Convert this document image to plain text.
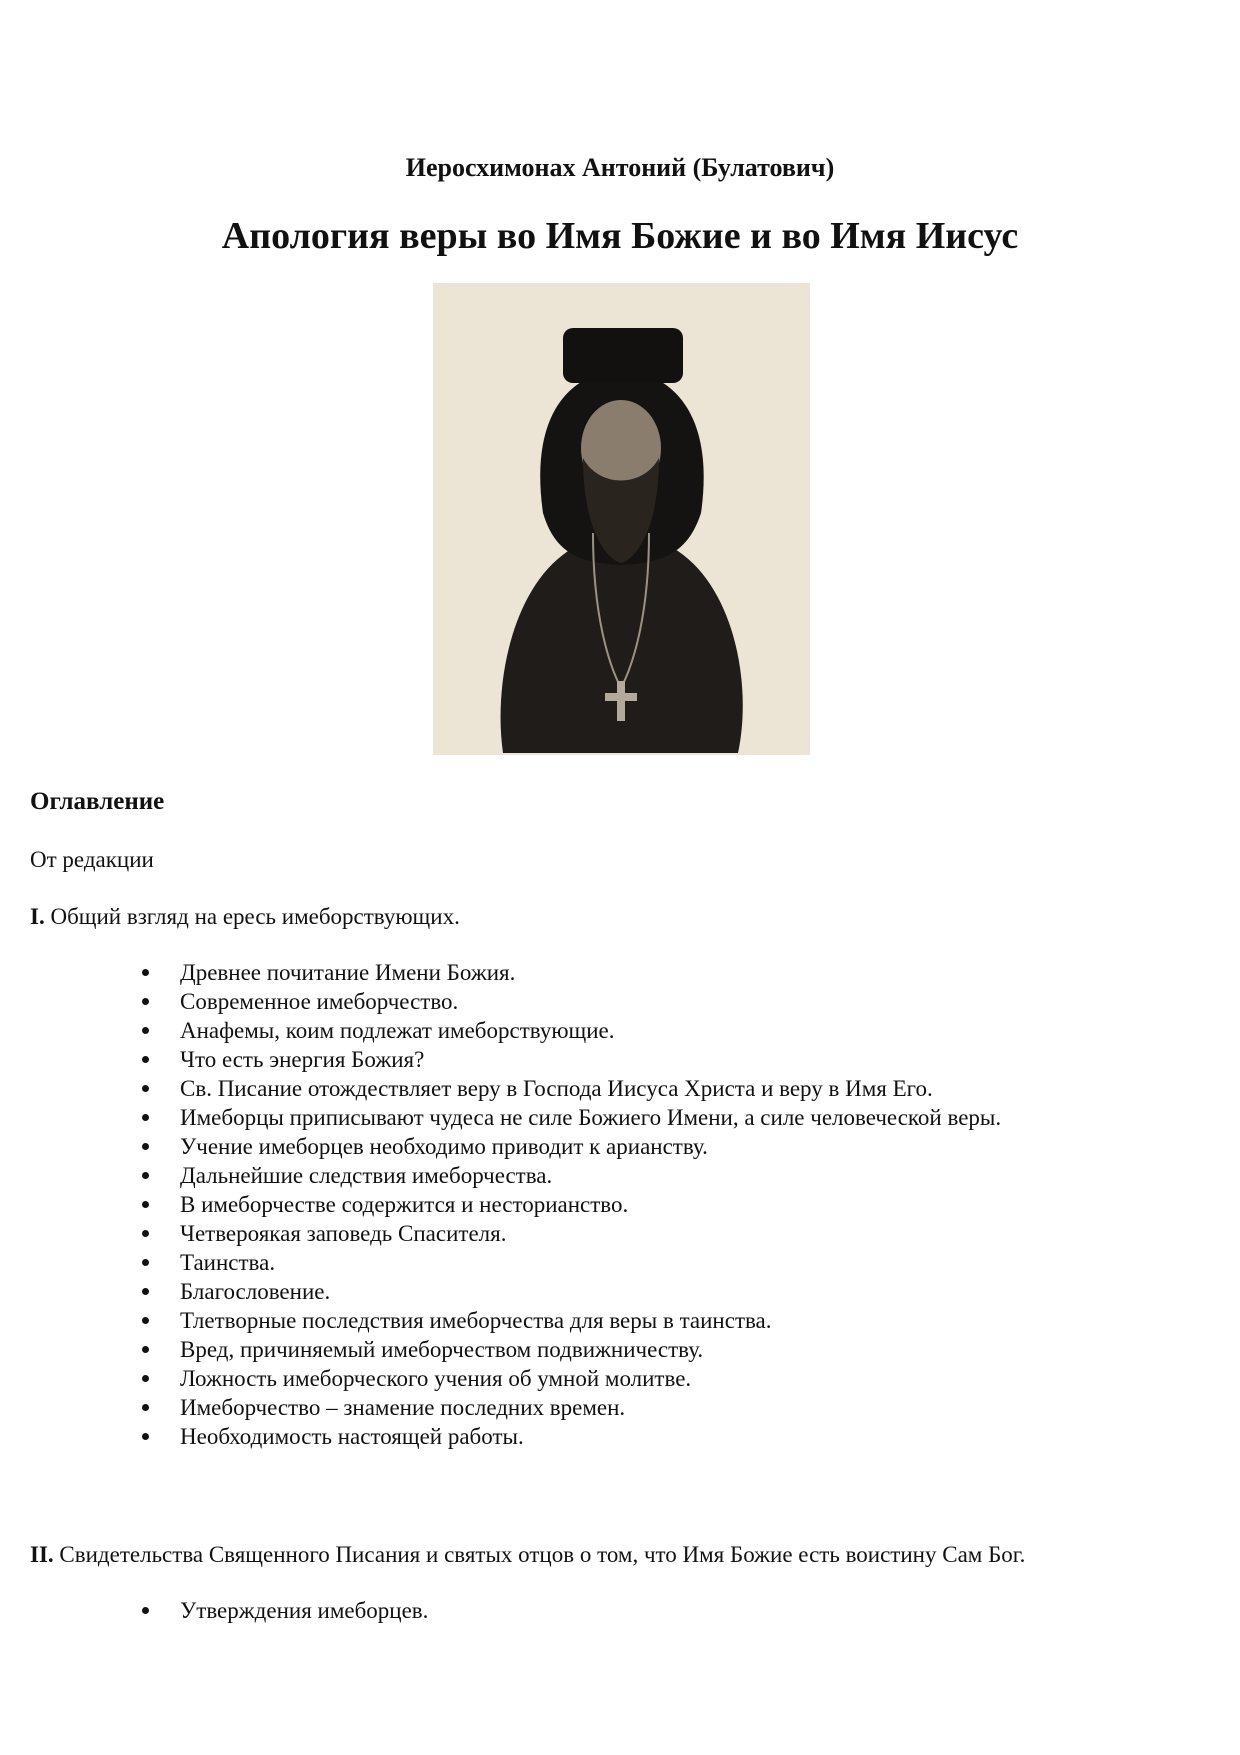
Иеросхимонах Антоний (Булатович)
Апология веры во Имя Божие и во Имя Иисус
Оглавление
От редакции
I. Общий взгляд на ересь имеборствующих.
Древнее почитание Имени Божия.
Современное имеборчество.
Анафемы, коим подлежат имеборствующие.
Что есть энергия Божия?
Св. Писание отождествляет веру в Господа Иисуса Христа и веру в Имя Его.
Имеборцы приписывают чудеса не силе Божиего Имени, а силе человеческой веры.
Учение имеборцев необходимо приводит к арианству.
Дальнейшие следствия имеборчества.
В имеборчестве содержится и несторианство.
Четвероякая заповедь Спасителя.
Таинства.
Благословение.
Тлетворные последствия имеборчества для веры в таинства.
Вред, причиняемый имеборчеством подвижничеству.
Ложность имеборческого учения об умной молитве.
Имеборчество – знамение последних времен.
Необходимость настоящей работы.
II. Свидетельства Священного Писания и святых отцов о том, что Имя Божие есть воистину Сам Бог.
Утверждения имеборцев.
